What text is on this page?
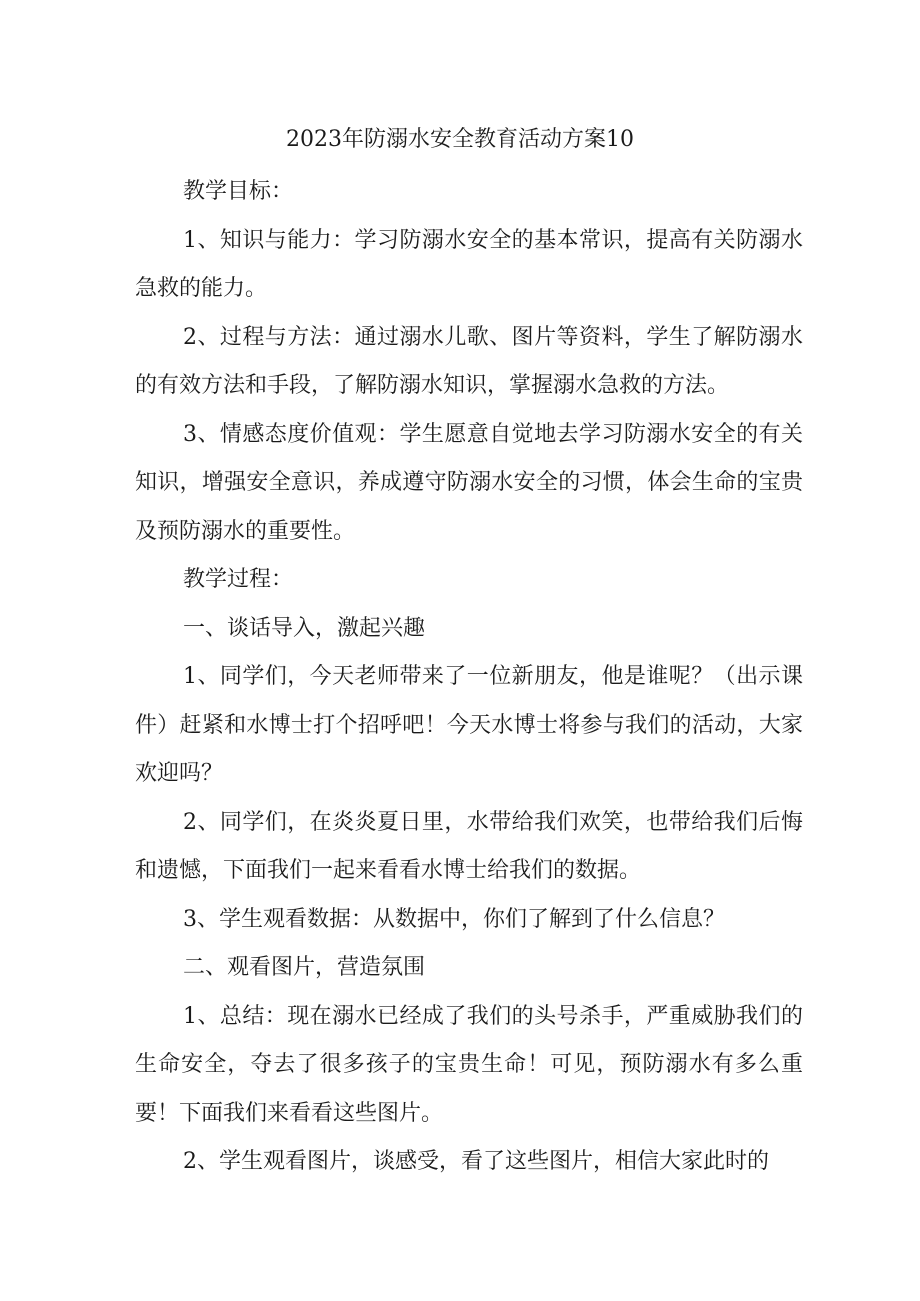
2023年防溺水安全教育活动方案10

教学目标：

1、知识与能力：学习防溺水安全的基本常识，提高有关防溺水急救的能力。

2、过程与方法：通过溺水儿歌、图片等资料，学生了解防溺水的有效方法和手段，了解防溺水知识，掌握溺水急救的方法。

3、情感态度价值观：学生愿意自觉地去学习防溺水安全的有关知识，增强安全意识，养成遵守防溺水安全的习惯，体会生命的宝贵及预防溺水的重要性。

教学过程：

一、谈话导入，激起兴趣

1、同学们，今天老师带来了一位新朋友，他是谁呢？（出示课件）赶紧和水博士打个招呼吧！今天水博士将参与我们的活动，大家欢迎吗？

2、同学们，在炎炎夏日里，水带给我们欢笑，也带给我们后悔和遗憾，下面我们一起来看看水博士给我们的数据。

3、学生观看数据：从数据中，你们了解到了什么信息？

二、观看图片，营造氛围

1、总结：现在溺水已经成了我们的头号杀手，严重威胁我们的生命安全，夺去了很多孩子的宝贵生命！可见，预防溺水有多么重要！下面我们来看看这些图片。

2、学生观看图片，谈感受，看了这些图片，相信大家此时的
